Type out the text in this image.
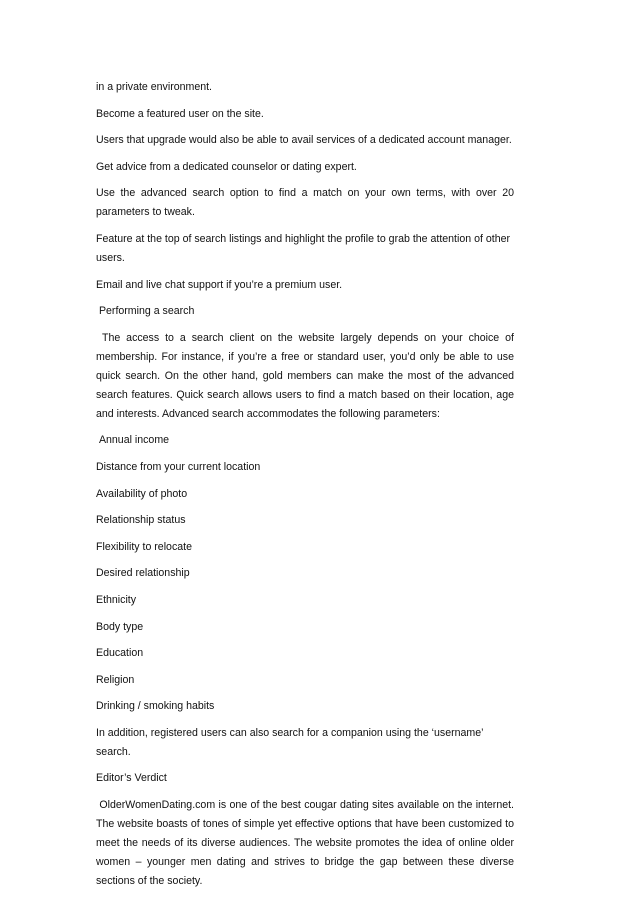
in a private environment.

Become a featured user on the site.

Users that upgrade would also be able to avail services of a dedicated account manager.

Get advice from a dedicated counselor or dating expert.

Use the advanced search option to find a match on your own terms, with over 20 parameters to tweak.

Feature at the top of search listings and highlight the profile to grab the attention of other users.

Email and live chat support if you’re a premium user.

Performing a search

The access to a search client on the website largely depends on your choice of membership. For instance, if you’re a free or standard user, you’d only be able to use quick search. On the other hand, gold members can make the most of the advanced search features. Quick search allows users to find a match based on their location, age and interests. Advanced search accommodates the following parameters:

Annual income

Distance from your current location

Availability of photo

Relationship status

Flexibility to relocate

Desired relationship

Ethnicity

Body type

Education

Religion

Drinking / smoking habits

In addition, registered users can also search for a companion using the ‘username’ search.

Editor’s Verdict

OlderWomenDating.com is one of the best cougar dating sites available on the internet. The website boasts of tones of simple yet effective options that have been customized to meet the needs of its diverse audiences. The website promotes the idea of online older women – younger men dating and strives to bridge the gap between these diverse sections of the society.
